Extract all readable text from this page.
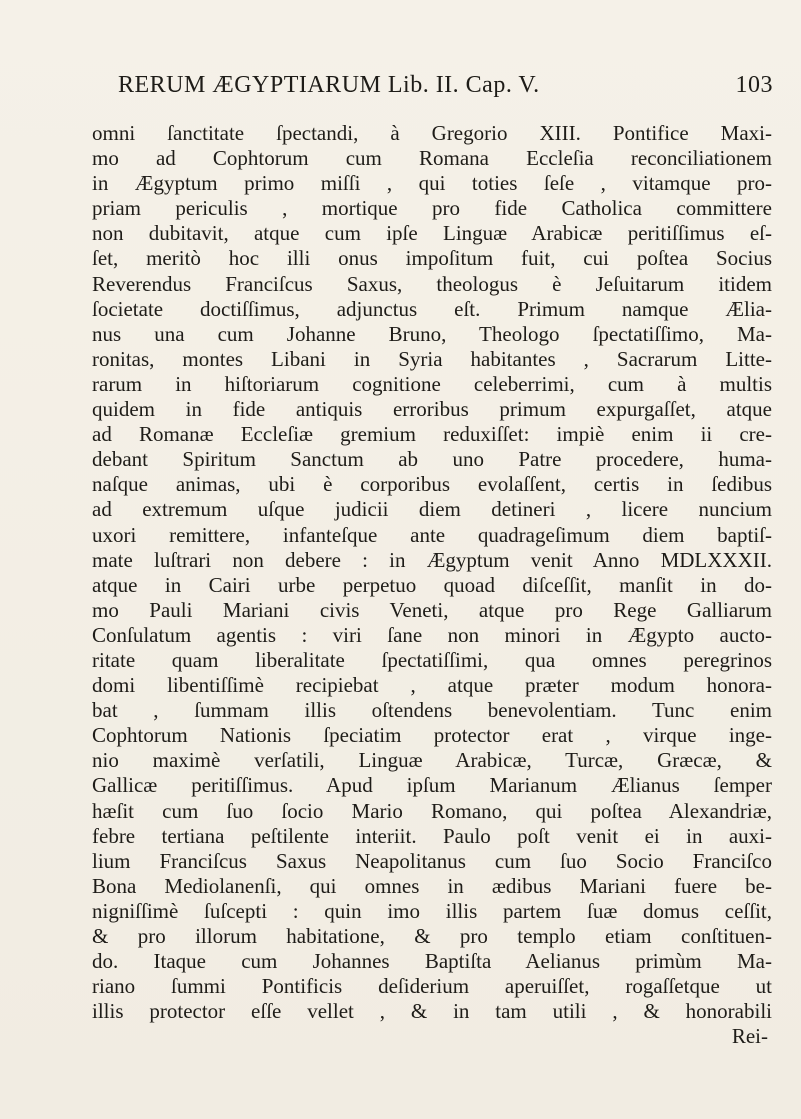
RERUM ÆGYPTIARUM Lib. II. Cap. V.	103
omni ſanctitate ſpectandi, à Gregorio XIII. Pontifice Maxi-
mo ad Cophtorum cum Romana Eccleſia reconciliationem
in Ægyptum primo miſſi , qui toties ſeſe , vitamque pro-
priam periculis , mortique pro fide Catholica committere
non dubitavit, atque cum ipſe Linguæ Arabicæ peritiſſimus eſ-
ſet, meritò hoc illi onus impoſitum fuit, cui poſtea Socius
Reverendus Franciſcus Saxus, theologus è Jeſuitarum itidem
ſocietate doctiſſimus, adjunctus eſt. Primum namque Ælia-
nus una cum Johanne Bruno, Theologo ſpectatiſſimo, Ma-
ronitas, montes Libani in Syria habitantes , Sacrarum Litte-
rarum in hiſtoriarum cognitione celeberrimi, cum à multis
quidem in fide antiquis erroribus primum expurgaſſet, atque
ad Romanæ Eccleſiæ gremium reduxiſſet: impiè enim ii cre-
debant Spiritum Sanctum ab uno Patre procedere, huma-
naſque animas, ubi è corporibus evolaſſent, certis in ſedibus
ad extremum uſque judicii diem detineri , licere nuncium
uxori remittere, infanteſque ante quadrageſimum diem baptiſ-
mate luſtrari non debere : in Ægyptum venit Anno MDLXXXII.
atque in Cairi urbe perpetuo quoad diſceſſit, manſit in do-
mo Pauli Mariani civis Veneti, atque pro Rege Galliarum
Conſulatum agentis : viri ſane non minori in Ægypto aucto-
ritate quam liberalitate ſpectatiſſimi, qua omnes peregrinos
domi libentiſſimè recipiebat , atque præter modum honora-
bat , ſummam illis oſtendens benevolentiam. Tunc enim
Cophtorum Nationis ſpeciatim protector erat , virque inge-
nio maximè verſatili, Linguæ Arabicæ, Turcæ, Græcæ, &
Gallicæ peritiſſimus. Apud ipſum Marianum Ælianus ſemper
hæſit cum ſuo ſocio Mario Romano, qui poſtea Alexandriæ,
febre tertiana peſtilente interiit. Paulo poſt venit ei in auxi-
lium Franciſcus Saxus Neapolitanus cum ſuo Socio Franciſco
Bona Mediolanenſi, qui omnes in ædibus Mariani fuere be-
nigniſſimè ſuſcepti : quin imo illis partem ſuæ domus ceſſit,
& pro illorum habitatione, & pro templo etiam conſtituen-
do. Itaque cum Johannes Baptiſta Aelianus primùm Ma-
riano ſummi Pontificis deſiderium aperuiſſet, rogaſſetque ut
illis protector eſſe vellet , & in tam utili , & honorabili
Rei-
